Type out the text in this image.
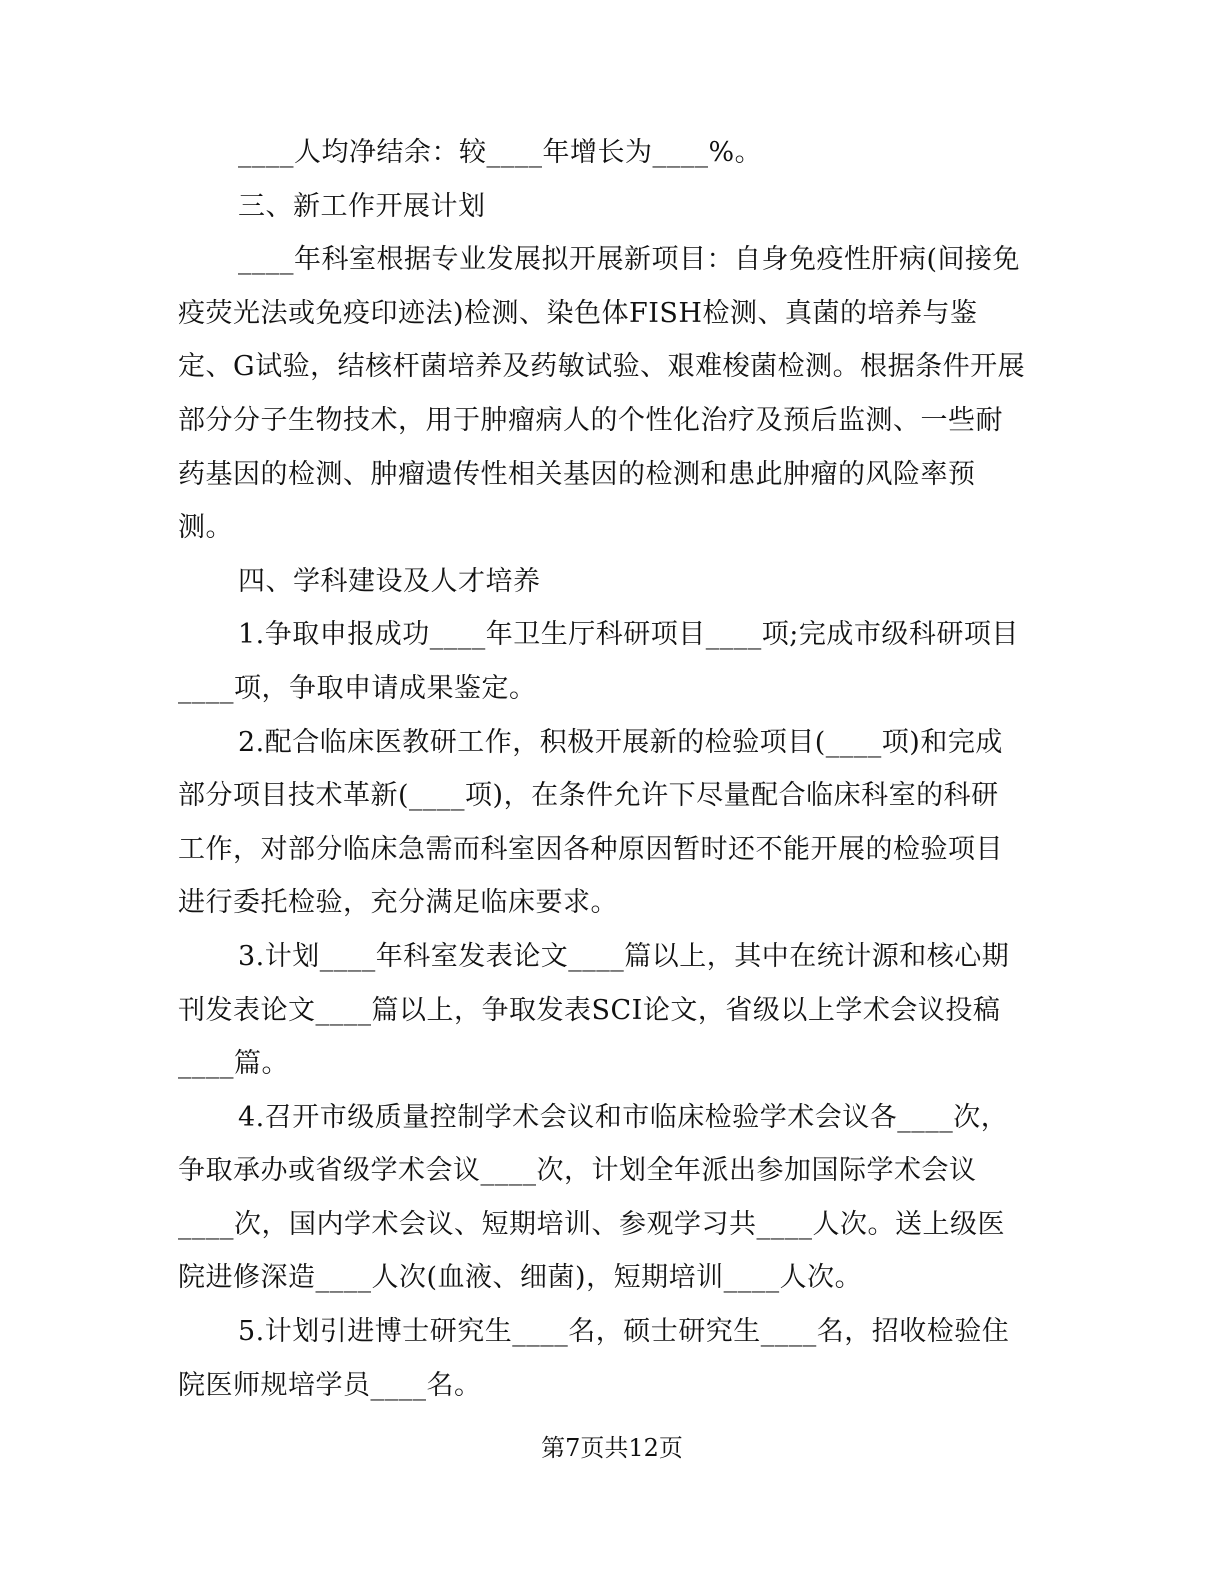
____人均净结余：较____年增长为____%。
三、新工作开展计划
____年科室根据专业发展拟开展新项目：自身免疫性肝病(间接免
疫荧光法或免疫印迹法)检测、染色体FISH检测、真菌的培养与鉴
定、G试验，结核杆菌培养及药敏试验、艰难梭菌检测。根据条件开展
部分分子生物技术，用于肿瘤病人的个性化治疗及预后监测、一些耐
药基因的检测、肿瘤遗传性相关基因的检测和患此肿瘤的风险率预
测。
四、学科建设及人才培养
1.争取申报成功____年卫生厅科研项目____项;完成市级科研项目
____项，争取申请成果鉴定。
2.配合临床医教研工作，积极开展新的检验项目(____项)和完成
部分项目技术革新(____项)，在条件允许下尽量配合临床科室的科研
工作，对部分临床急需而科室因各种原因暂时还不能开展的检验项目
进行委托检验，充分满足临床要求。
3.计划____年科室发表论文____篇以上，其中在统计源和核心期
刊发表论文____篇以上，争取发表SCI论文，省级以上学术会议投稿
____篇。
4.召开市级质量控制学术会议和市临床检验学术会议各____次，
争取承办或省级学术会议____次，计划全年派出参加国际学术会议
____次，国内学术会议、短期培训、参观学习共____人次。送上级医
院进修深造____人次(血液、细菌)，短期培训____人次。
5.计划引进博士研究生____名，硕士研究生____名，招收检验住
院医师规培学员____名。
第7页共12页
